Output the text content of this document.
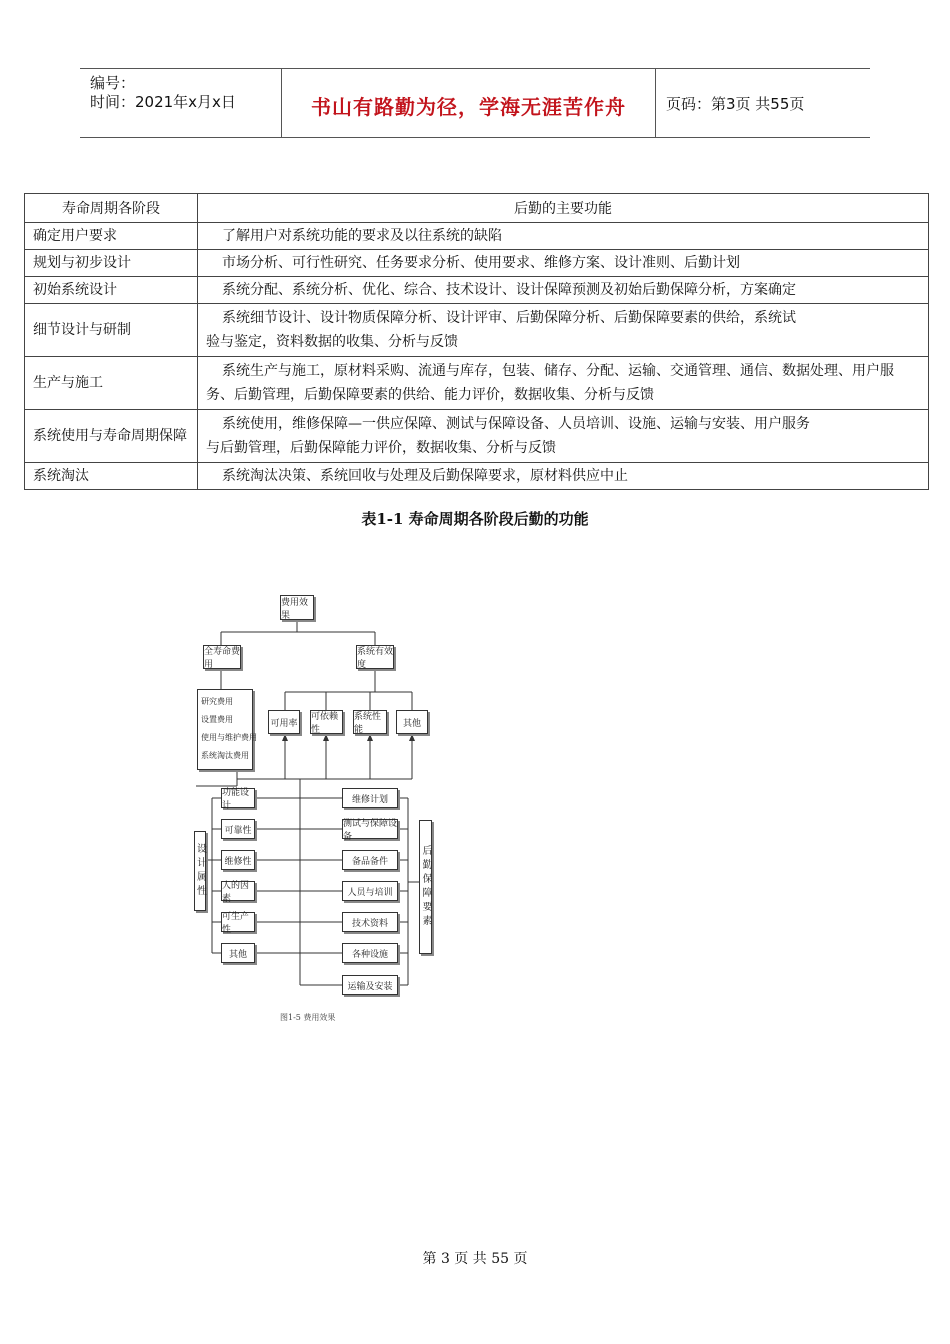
编号：
时间：2021年x月x日	书山有路勤为径，学海无涯苦作舟	页码：第3页 共55页
寿命周期各阶段	后勤的主要功能
确定用户要求	了解用户对系统功能的要求及以往系统的缺陷

规划与初步设计	市场分析、可行性研究、任务要求分析、使用要求、维修方案、设计准则、后勤计划

初始系统设计	系统分配、系统分析、优化、综合、技术设计、设计保障预测及初始后勤保障分析，方案确定

细节设计与研制	系统细节设计、设计物质保障分析、设计评审、后勤保障分析、后勤保障要素的供给，系统试
验与鉴定，资料数据的收集、分析与反馈

生产与施工	系统生产与施工，原材料采购、流通与库存，包装、储存、分配、运输、交通管理、通信、数据处理、用户服
务、后勤管理，后勤保障要素的供给、能力评价，数据收集、分析与反馈

系统使用与寿命周期保障	系统使用，维修保障—一供应保障、测试与保障设备、人员培训、设施、运输与安装、用户服务
与后勤管理，后勤保障能力评价，数据收集、分析与反馈

系统淘汰	系统淘汰决策、系统回收与处理及后勤保障要求，原材料供应中止
表1-1 寿命周期各阶段后勤的功能
费用效果
全寿命费用
系统有效度
研究费用
设置费用
使用与维护费用
系统淘汰费用
可用率
可依赖性
系统性能
其他
功能设计
可靠性
维修性
人的因素
可生产性
其他
设计属性
维修计划
测试与保障设备
备品备件
人员与培训
技术资料
各种设施
运输及安装
后勤保障要素
图1-5 费用效果
第 3 页 共 55 页
